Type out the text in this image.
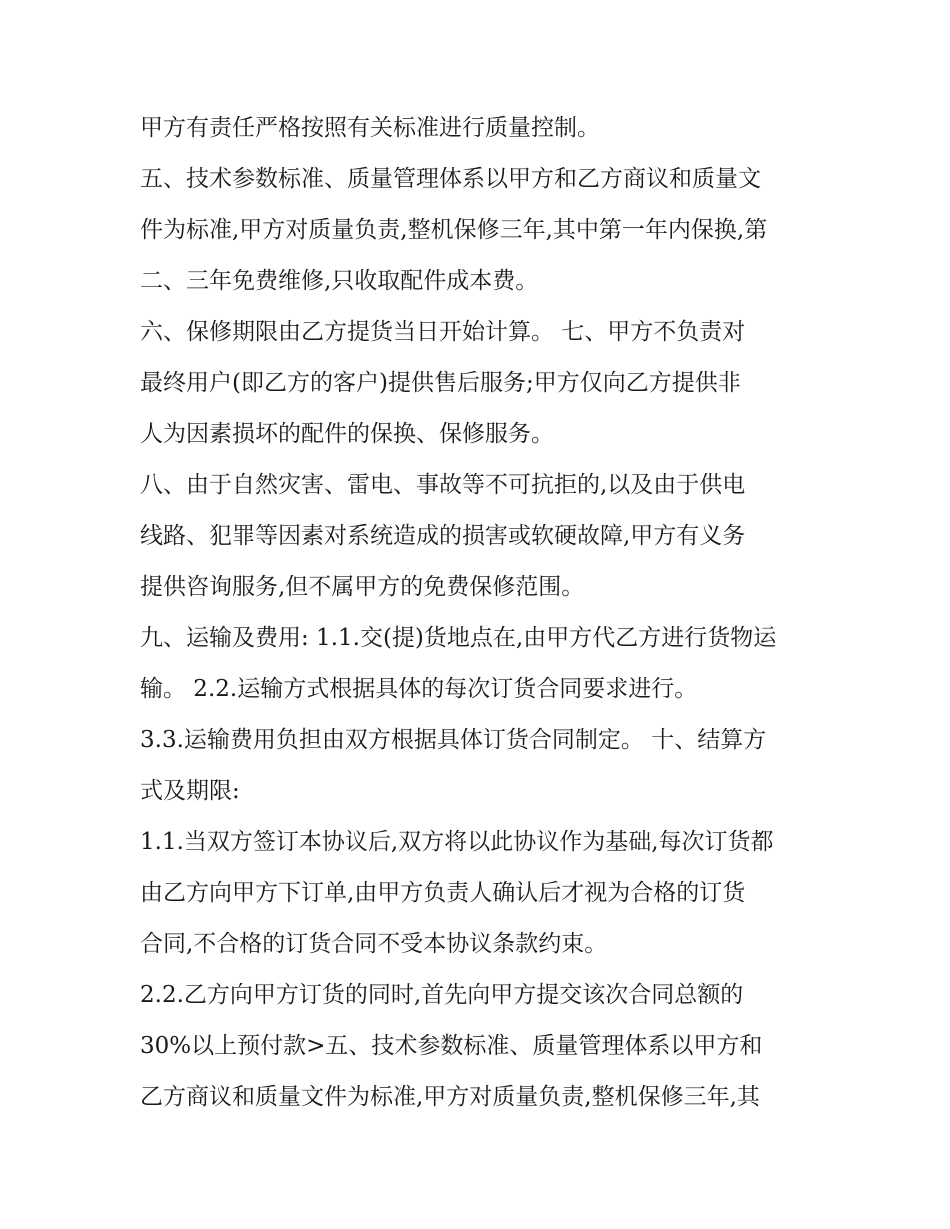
甲方有责任严格按照有关标准进行质量控制。
五、技术参数标准、质量管理体系以甲方和乙方商议和质量文
件为标准,甲方对质量负责,整机保修三年,其中第一年内保换,第
二、三年免费维修,只收取配件成本费。
六、保修期限由乙方提货当日开始计算。 七、甲方不负责对
最终用户(即乙方的客户)提供售后服务;甲方仅向乙方提供非
人为因素损坏的配件的保换、保修服务。
八、由于自然灾害、雷电、事故等不可抗拒的,以及由于供电
线路、犯罪等因素对系统造成的损害或软硬故障,甲方有义务
提供咨询服务,但不属甲方的免费保修范围。
九、运输及费用: 1.1.交(提)货地点在,由甲方代乙方进行货物运
输。 2.2.运输方式根据具体的每次订货合同要求进行。
3.3.运输费用负担由双方根据具体订货合同制定。 十、结算方
式及期限:
1.1.当双方签订本协议后,双方将以此协议作为基础,每次订货都
由乙方向甲方下订单,由甲方负责人确认后才视为合格的订货
合同,不合格的订货合同不受本协议条款约束。
2.2.乙方向甲方订货的同时,首先向甲方提交该次合同总额的
30%以上预付款>五、技术参数标准、质量管理体系以甲方和
乙方商议和质量文件为标准,甲方对质量负责,整机保修三年,其
